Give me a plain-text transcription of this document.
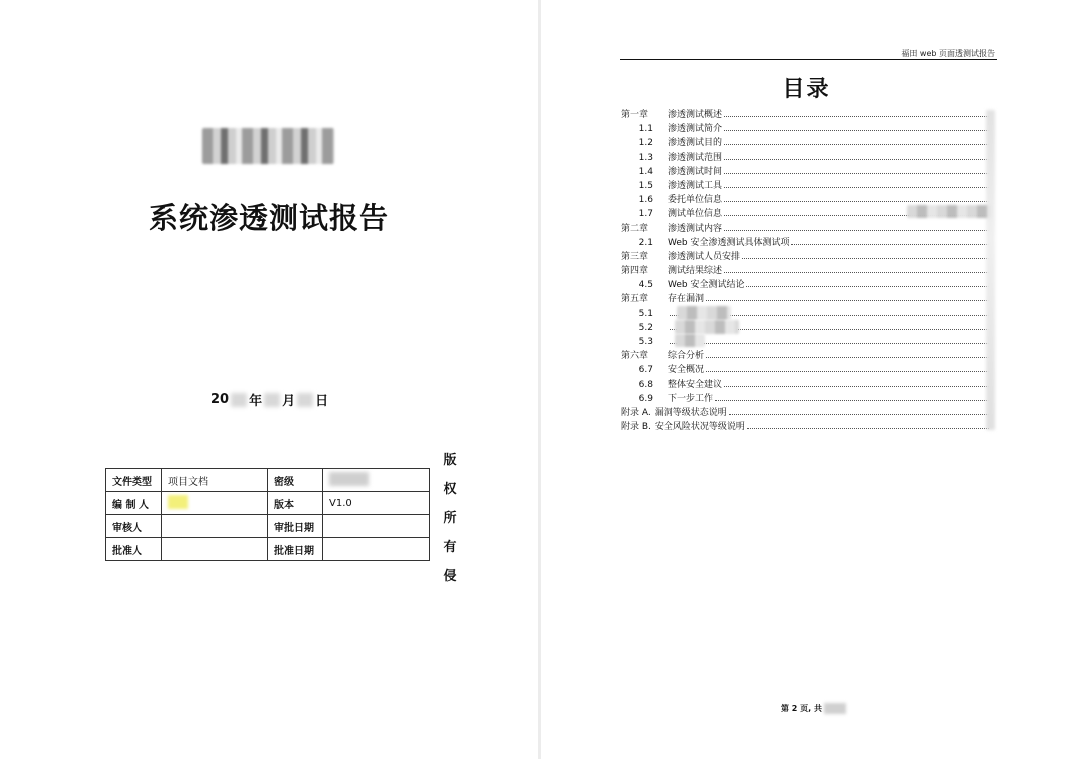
系统渗透测试报告
20 年 月 日
文件类型	项目文档	密级	
编 制 人		版本	V1.0
审核人		审批日期	
批准人		批准日期	
版
权
所
有
侵
福田 web 页面透测试报告
目录
第一章	渗透测试概述
1.1 渗透测试简介
1.2 渗透测试目的
1.3 渗透测试范围
1.4 渗透测试时间
1.5 渗透测试工具
1.6 委托单位信息
1.7 测试单位信息
第二章	渗透测试内容
2.1 Web 安全渗透测试具体测试项
第三章	渗透测试人员安排
第四章	测试结果综述
4.5 Web 安全测试结论
第五章	存在漏洞
5.1
5.2
5.3
第六章	综合分析
6.7 安全概况
6.8 整体安全建议
6.9 下一步工作
附录 A. 漏洞等级状态说明
附录 B. 安全风险状况等级说明
第 2 页, 共
